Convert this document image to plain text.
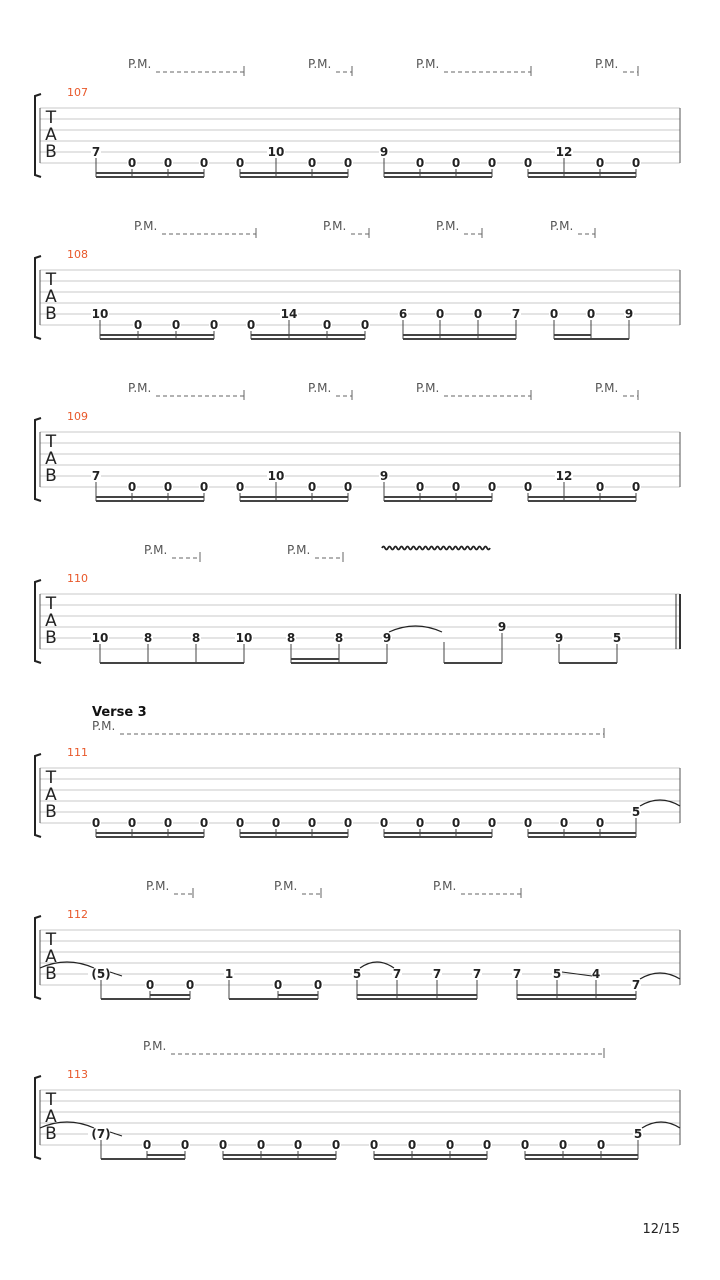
T
A
B
107
P.M.	P.M.	P.M.	P.M.
7
0 0 0 0
10
0 0
9
0 0 0 0
12
0 0
T
A
B
108
P.M.	P.M.	P.M.	P.M.
10
0 0 0 0
14
0 0
6 0 0 7 0 0 9
T
A
B
109
P.M.	P.M.	P.M.	P.M.
7
0 0 0 0
10
0 0
9
0 0 0 0
12
0 0
T
A
B
110
P.M.	P.M.
10	8	8	10	8	8	9
9
9	5
T
A
B
111
Verse 3
P.M.
0 0 0 0 0 0 0 0 0 0 0 0 0 0 0
5
T
A
B
112
P.M.	P.M.	P.M.
(5)
0	0
1
0	0
5	7	7	7	7	5	4
7
T
A
B
113
P.M.
(7)
0 0 0 0 0 0 0 0 0 0 0 0 0
5
12/15
